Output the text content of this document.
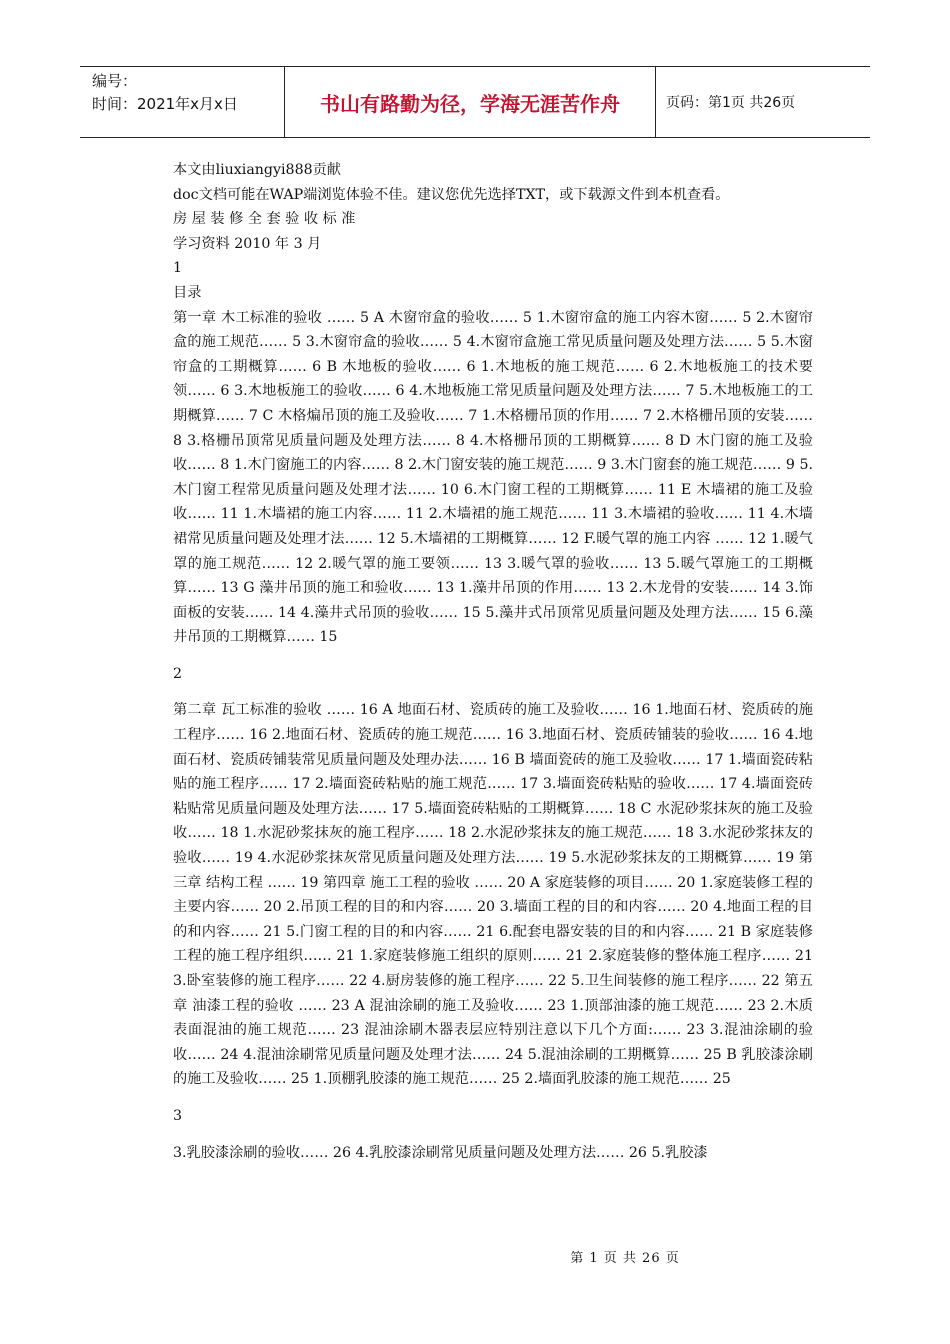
编号：
时间：2021年x月x日	书山有路勤为径，学海无涯苦作舟	页码：第1页 共26页
本文由liuxiangyi888贡献
doc文档可能在WAP端浏览体验不佳。建议您优先选择TXT，或下载源文件到本机查看。
房屋装修全套验收标准
学习资料 2010 年 3 月
1
目录

第一章 木工标准的验收 …… 5 A 木窗帘盒的验收…… 5 1.木窗帘盒的施工内容木窗…… 5 2.木窗帘盒的施工规范…… 5 3.木窗帘盒的验收…… 5 4.木窗帘盒施工常见质量问题及处理方法…… 5 5.木窗帘盒的工期概算…… 6 B 木地板的验收…… 6 1.木地板的施工规范…… 6 2.木地板施工的技术要领…… 6 3.木地板施工的验收…… 6 4.木地板施工常见质量问题及处理方法…… 7 5.木地板施工的工期概算…… 7 C 木格煸吊顶的施工及验收…… 7 1.木格栅吊顶的作用…… 7 2.木格栅吊顶的安装…… 8 3.格栅吊顶常见质量问题及处理方法…… 8 4.木格栅吊顶的工期概算…… 8 D 木门窗的施工及验收…… 8 1.木门窗施工的内容…… 8 2.木门窗安装的施工规范…… 9 3.木门窗套的施工规范…… 9 5.木门窗工程常见质量问题及处理才法…… 10 6.木门窗工程的工期概算…… 11 E 木墙裙的施工及验收…… 11 1.木墙裙的施工内容…… 11 2.木墙裙的施工规范…… 11 3.木墙裙的验收…… 11 4.木墙裙常见质量问题及处理才法…… 12 5.木墙裙的工期概算…… 12 F.暖气罩的施工内容 …… 12 1.暖气罩的施工规范…… 12 2.暖气罩的施工要领…… 13 3.暖气罩的验收…… 13 5.暖气罩施工的工期概算…… 13 G 藻井吊顶的施工和验收…… 13 1.藻井吊顶的作用…… 13 2.木龙骨的安装…… 14 3.饰面板的安装…… 14 4.藻井式吊顶的验收…… 15 5.藻井式吊顶常见质量问题及处理方法…… 15 6.藻井吊顶的工期概算…… 15

2

第二章 瓦工标准的验收 …… 16 A 地面石材、瓷质砖的施工及验收…… 16 1.地面石材、瓷质砖的施工程序…… 16 2.地面石材、瓷质砖的施工规范…… 16 3.地面石材、瓷质砖铺装的验收…… 16 4.地面石材、瓷质砖铺装常见质量问题及处理办法…… 16 B 墙面瓷砖的施工及验收…… 17 1.墙面瓷砖粘贴的施工程序…… 17 2.墙面瓷砖粘贴的施工规范…… 17 3.墙面瓷砖粘贴的验收…… 17 4.墙面瓷砖粘贴常见质量问题及处理方法…… 17 5.墙面瓷砖粘贴的工期概算…… 18 C 水泥砂浆抹灰的施工及验收…… 18 1.水泥砂浆抹灰的施工程序…… 18 2.水泥砂浆抹友的施工规范…… 18 3.水泥砂浆抹友的验收…… 19 4.水泥砂浆抹灰常见质量问题及处理方法…… 19 5.水泥砂浆抹友的工期概算…… 19 第三章 结构工程 …… 19 第四章 施工工程的验收 …… 20 A 家庭装修的项目…… 20 1.家庭装修工程的主要内容…… 20 2.吊顶工程的目的和内容…… 20 3.墙面工程的目的和内容…… 20 4.地面工程的目的和内容…… 21 5.门窗工程的目的和内容…… 21 6.配套电器安装的目的和内容…… 21 B 家庭装修工程的施工程序组织…… 21 1.家庭装修施工组织的原则…… 21 2.家庭装修的整体施工程序…… 21 3.卧室装修的施工程序…… 22 4.厨房装修的施工程序…… 22 5.卫生间装修的施工程序…… 22 第五章 油漆工程的验收 …… 23 A 混油涂刷的施工及验收…… 23 1.顶部油漆的施工规范…… 23 2.木质表面混油的施工规范…… 23 混油涂刷木器表层应特别注意以下几个方面:…… 23 3.混油涂刷的验收…… 24 4.混油涂刷常见质量问题及处理才法…… 24 5.混油涂刷的工期概算…… 25 B 乳胶漆涂刷的施工及验收…… 25 1.顶棚乳胶漆的施工规范…… 25 2.墙面乳胶漆的施工规范…… 25

3
3.乳胶漆涂刷的验收…… 26 4.乳胶漆涂刷常见质量问题及处理方法…… 26 5.乳胶漆
第 1 页 共 26 页
